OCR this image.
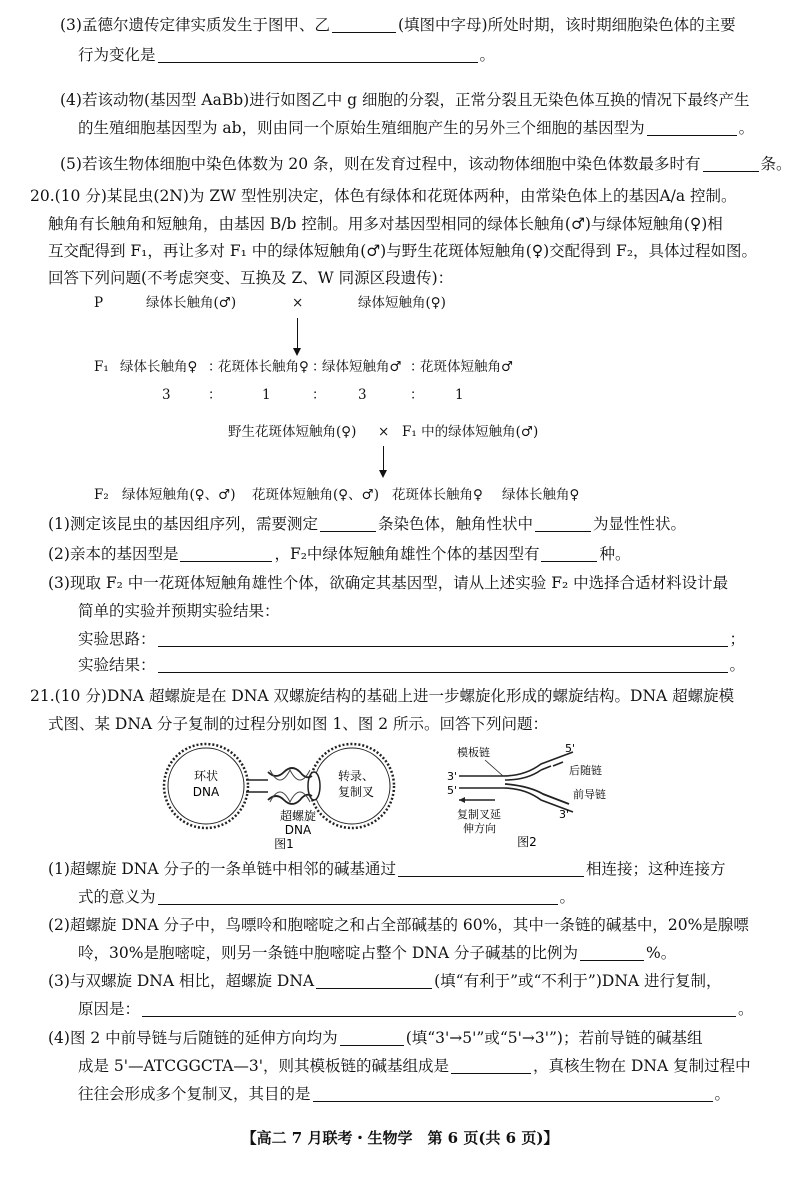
(3)孟德尔遗传定律实质发生于图甲、乙	(填图中字母)所处时期，该时期细胞染色体的主要
行为变化是	。
(4)若该动物(基因型 AaBb)进行如图乙中 g 细胞的分裂，正常分裂且无染色体互换的情况下最终产生
的生殖细胞基因型为 ab，则由同一个原始生殖细胞产生的另外三个细胞的基因型为	。
(5)若该生物体细胞中染色体数为 20 条，则在发育过程中，该动物体细胞中染色体数最多时有	条。
20.(10 分)某昆虫(2N)为 ZW 型性别决定，体色有绿体和花斑体两种，由常染色体上的基因A/a 控制。
触角有长触角和短触角，由基因 B/b 控制。用多对基因型相同的绿体长触角(♂)与绿体短触角(♀)相
互交配得到 F₁，再让多对 F₁ 中的绿体短触角(♂)与野生花斑体短触角(♀)交配得到 F₂，具体过程如图。
回答下列问题(不考虑突变、互换及 Z、W 同源区段遗传)：
P	绿体长触角(♂)	×	绿体短触角(♀)
F₁ 绿体长触角♀ ：
花斑体长触角♀ ：
绿体短触角♂ ：
花斑体短触角♂
3	：	1	： 3	： 1
野生花斑体短触角(♀) × F₁ 中的绿体短触角(♂)
F₂ 绿体短触角(♀、♂) 花斑体短触角(♀、♂) 花斑体长触角♀ 绿体长触角♀
(1)测定该昆虫的基因组序列，需要测定	条染色体，触角性状中	为显性性状。
(2)亲本的基因型是	，F₂中绿体短触角雄性个体的基因型有	种。
(3)现取 F₂ 中一花斑体短触角雄性个体，欲确定其基因型，请从上述实验 F₂ 中选择合适材料设计最
简单的实验并预期实验结果：
实验思路：	；
实验结果：	。
21.(10 分)DNA 超螺旋是在 DNA 双螺旋结构的基础上进一步螺旋化形成的螺旋结构。DNA 超螺旋模
式图、某 DNA 分子复制的过程分别如图 1、图 2 所示。回答下列问题：
环状
DNA
转录、
复制叉
超螺旋
DNA
图1
模板链	5'
3'	后随链
5'	前导链
3'
复制叉延
伸方向
图2
(1)超螺旋 DNA 分子的一条单链中相邻的碱基通过	相连接；这种连接方
式的意义为	。
(2)超螺旋 DNA 分子中，鸟嘌呤和胞嘧啶之和占全部碱基的 60%，其中一条链的碱基中，20%是腺嘌
呤，30%是胞嘧啶，则另一条链中胞嘧啶占整个 DNA 分子碱基的比例为	%。
(3)与双螺旋 DNA 相比，超螺旋 DNA	(填“有利于”或“不利于”)DNA 进行复制，
原因是：	。
(4)图 2 中前导链与后随链的延伸方向均为	(填“3'→5'”或“5'→3'”)；若前导链的碱基组
成是 5'—ATCGGCTA—3'，则其模板链的碱基组成是	，真核生物在 DNA 复制过程中
往往会形成多个复制叉，其目的是	。
【高二 7 月联考・生物学　第 6 页(共 6 页)】
